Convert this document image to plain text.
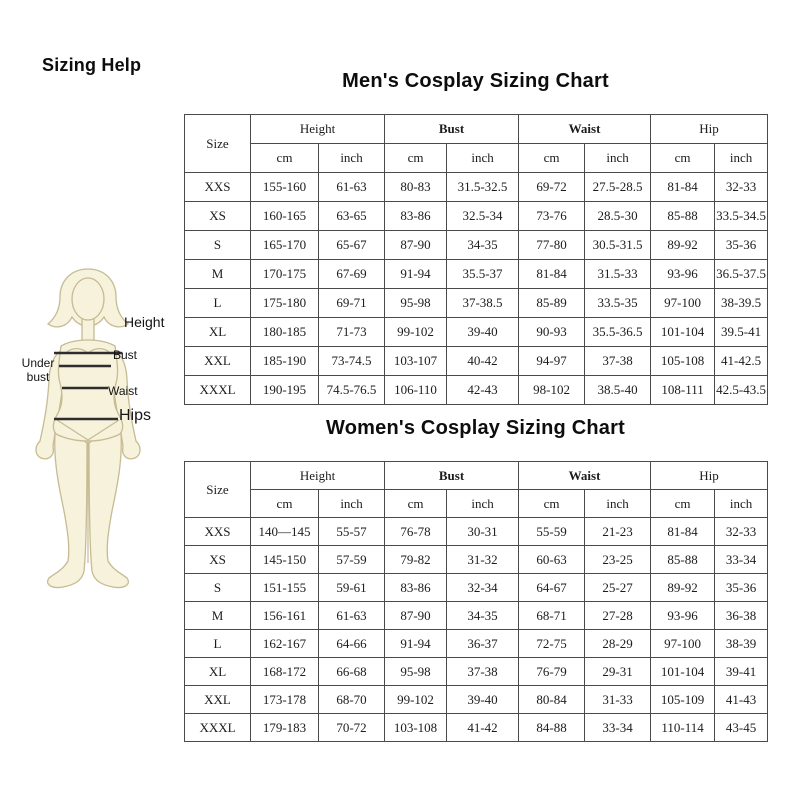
Sizing Help
Height
Bust
Under bust
Waist
Hips
Men's Cosplay Sizing Chart
Size	Height		Bust		Waist		Hip	
	cm	inch	cm	inch	cm	inch	cm	inch
XXS	155-160	61-63	80-83	31.5-32.5	69-72	27.5-28.5	81-84	32-33
XS	160-165	63-65	83-86	32.5-34	73-76	28.5-30	85-88	33.5-34.5
S	165-170	65-67	87-90	34-35	77-80	30.5-31.5	89-92	35-36
M	170-175	67-69	91-94	35.5-37	81-84	31.5-33	93-96	36.5-37.5
L	175-180	69-71	95-98	37-38.5	85-89	33.5-35	97-100	38-39.5
XL	180-185	71-73	99-102	39-40	90-93	35.5-36.5	101-104	39.5-41
XXL	185-190	73-74.5	103-107	40-42	94-97	37-38	105-108	41-42.5
XXXL	190-195	74.5-76.5	106-110	42-43	98-102	38.5-40	108-111	42.5-43.5
Women's Cosplay Sizing Chart
Size	Height		Bust		Waist		Hip	
	cm	inch	cm	inch	cm	inch	cm	inch
XXS	140—145	55-57	76-78	30-31	55-59	21-23	81-84	32-33
XS	145-150	57-59	79-82	31-32	60-63	23-25	85-88	33-34
S	151-155	59-61	83-86	32-34	64-67	25-27	89-92	35-36
M	156-161	61-63	87-90	34-35	68-71	27-28	93-96	36-38
L	162-167	64-66	91-94	36-37	72-75	28-29	97-100	38-39
XL	168-172	66-68	95-98	37-38	76-79	29-31	101-104	39-41
XXL	173-178	68-70	99-102	39-40	80-84	31-33	105-109	41-43
XXXL	179-183	70-72	103-108	41-42	84-88	33-34	110-114	43-45
